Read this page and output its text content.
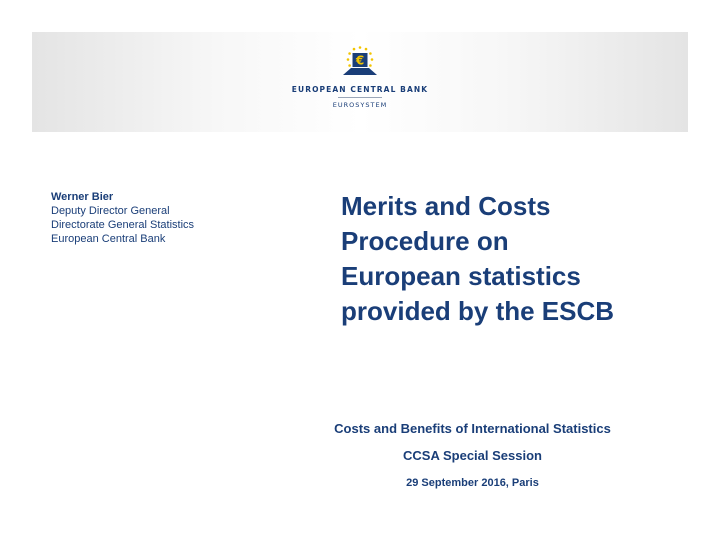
€
EUROPEAN CENTRAL BANK
EUROSYSTEM
Werner Bier
Deputy Director General
Directorate General Statistics
European Central Bank
Merits and Costs
Procedure on
European statistics
provided by the ESCB
Costs and Benefits of International Statistics
CCSA Special Session
29 September 2016, Paris
